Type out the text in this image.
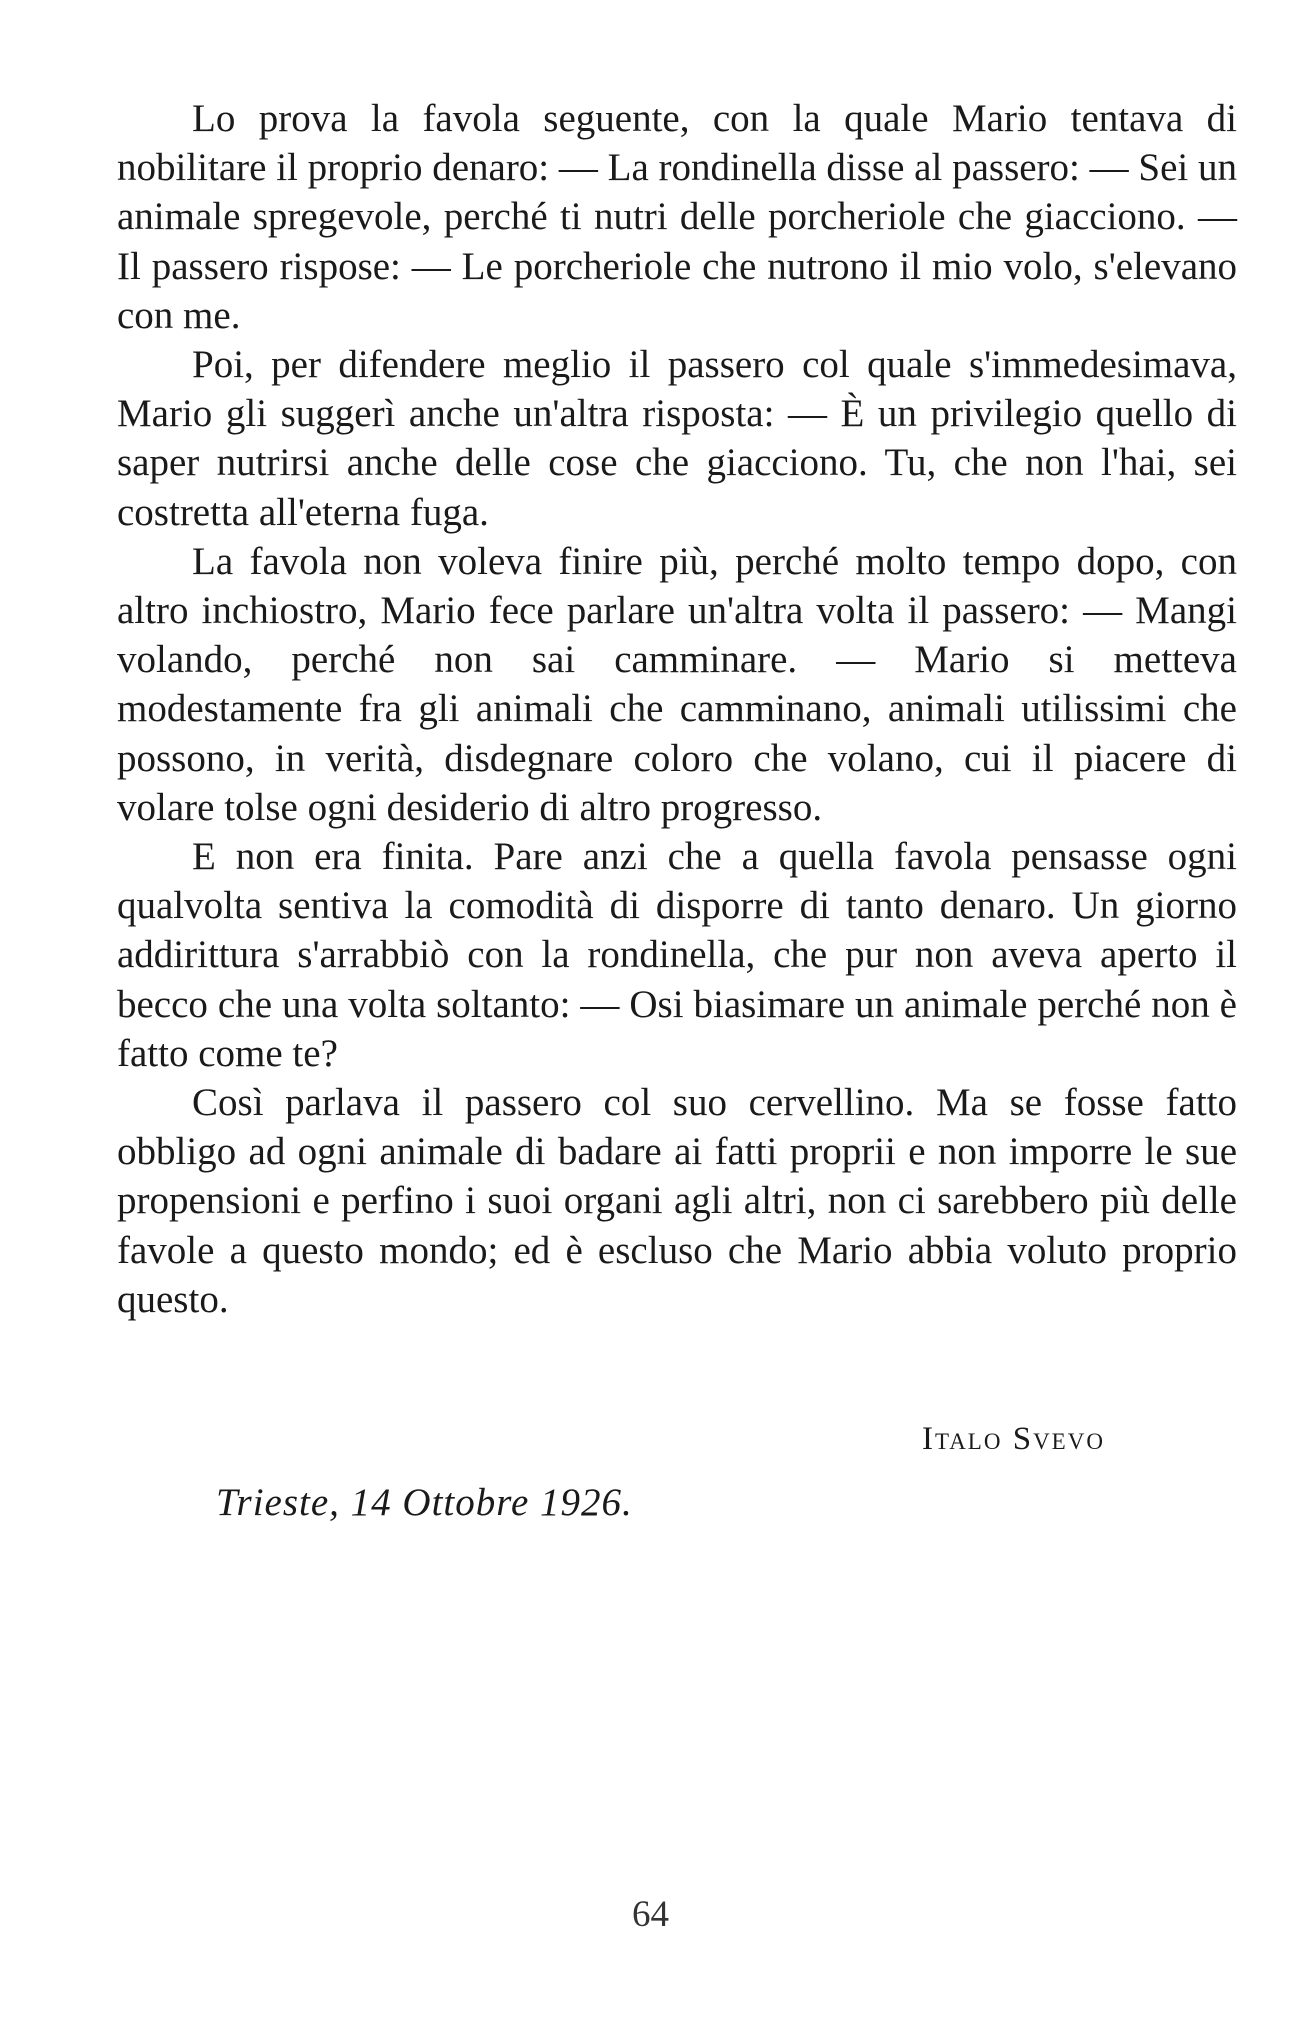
Lo prova la favola seguente, con la quale Mario tentava di nobilitare il proprio denaro: — La rondinella disse al passero: — Sei un animale spregevole, perché ti nutri delle porcheriole che giacciono. — Il passero rispose: — Le porcheriole che nutrono il mio volo, s'elevano con me.

Poi, per difendere meglio il passero col quale s'immedesimava, Mario gli suggerì anche un'altra risposta: — È un privilegio quello di saper nutrirsi anche delle cose che giacciono. Tu, che non l'hai, sei costretta all'eterna fuga.

La favola non voleva finire più, perché molto tempo dopo, con altro inchiostro, Mario fece parlare un'altra volta il passero: — Mangi volando, perché non sai camminare. — Mario si metteva modestamente fra gli animali che camminano, animali utilissimi che possono, in verità, disdegnare coloro che volano, cui il piacere di volare tolse ogni desiderio di altro progresso.

E non era finita. Pare anzi che a quella favola pensasse ogni qualvolta sentiva la comodità di disporre di tanto denaro. Un giorno addirittura s'arrabbiò con la rondinella, che pur non aveva aperto il becco che una volta soltanto: — Osi biasimare un animale perché non è fatto come te?

Così parlava il passero col suo cervellino. Ma se fosse fatto obbligo ad ogni animale di badare ai fatti proprii e non imporre le sue propensioni e perfino i suoi organi agli altri, non ci sarebbero più delle favole a questo mondo; ed è escluso che Mario abbia voluto proprio questo.

Italo Svevo
Trieste, 14 Ottobre 1926.
64
